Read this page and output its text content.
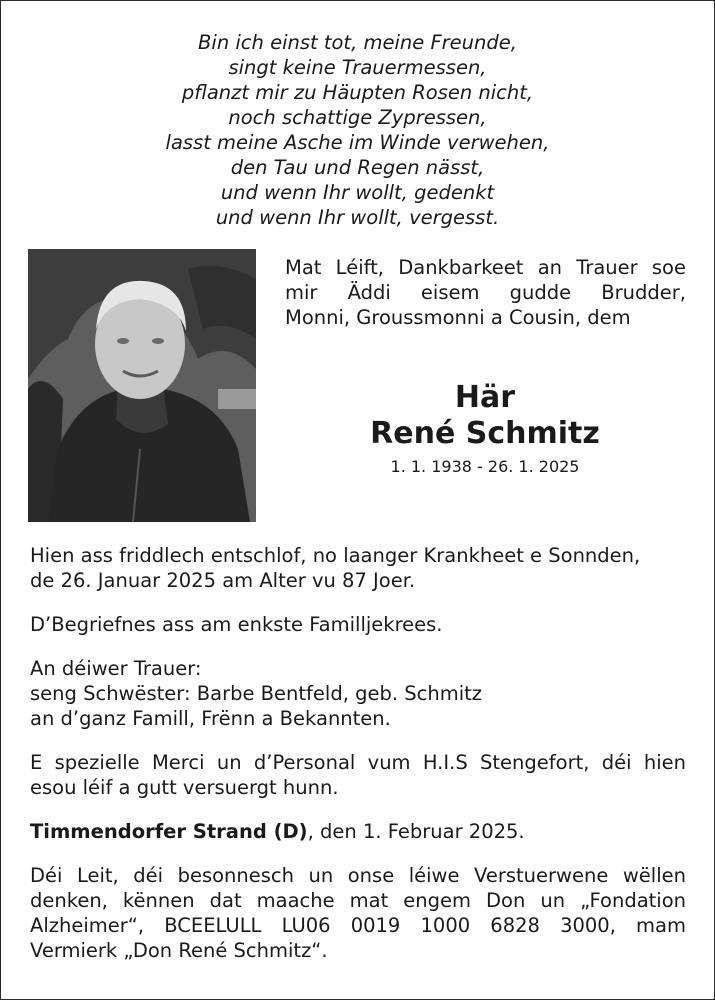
Bin ich einst tot, meine Freunde,
singt keine Trauermessen,
pflanzt mir zu Häupten Rosen nicht,
noch schattige Zypressen,
lasst meine Asche im Winde verwehen,
den Tau und Regen nässt,
und wenn Ihr wollt, gedenkt
und wenn Ihr wollt, vergesst.
Mat Léift, Dankbarkeet an Trauer soe
mir Äddi eisem gudde Brudder,
Monni, Groussmonni a Cousin, dem
Här
René Schmitz
1. 1. 1938 - 26. 1. 2025
Hien ass friddlech entschlof, no laanger Krankheet e Sonnden,
de 26. Januar 2025 am Alter vu 87 Joer.
D’Begriefnes ass am enkste Familljekrees.
An déiwer Trauer:
seng Schwëster: Barbe Bentfeld, geb. Schmitz
an d’ganz Famill, Frënn a Bekannten.
E spezielle Merci un d’Personal vum H.I.S Stengefort, déi hien
esou léif a gutt versuergt hunn.
Timmendorfer Strand (D), den 1. Februar 2025.
Déi Leit, déi besonnesch un onse léiwe Verstuerwene wëllen
denken, kënnen dat maache mat engem Don un „Fondation
Alzheimer“, BCEELULL LU06 0019 1000 6828 3000, mam
Vermierk „Don René Schmitz“.
